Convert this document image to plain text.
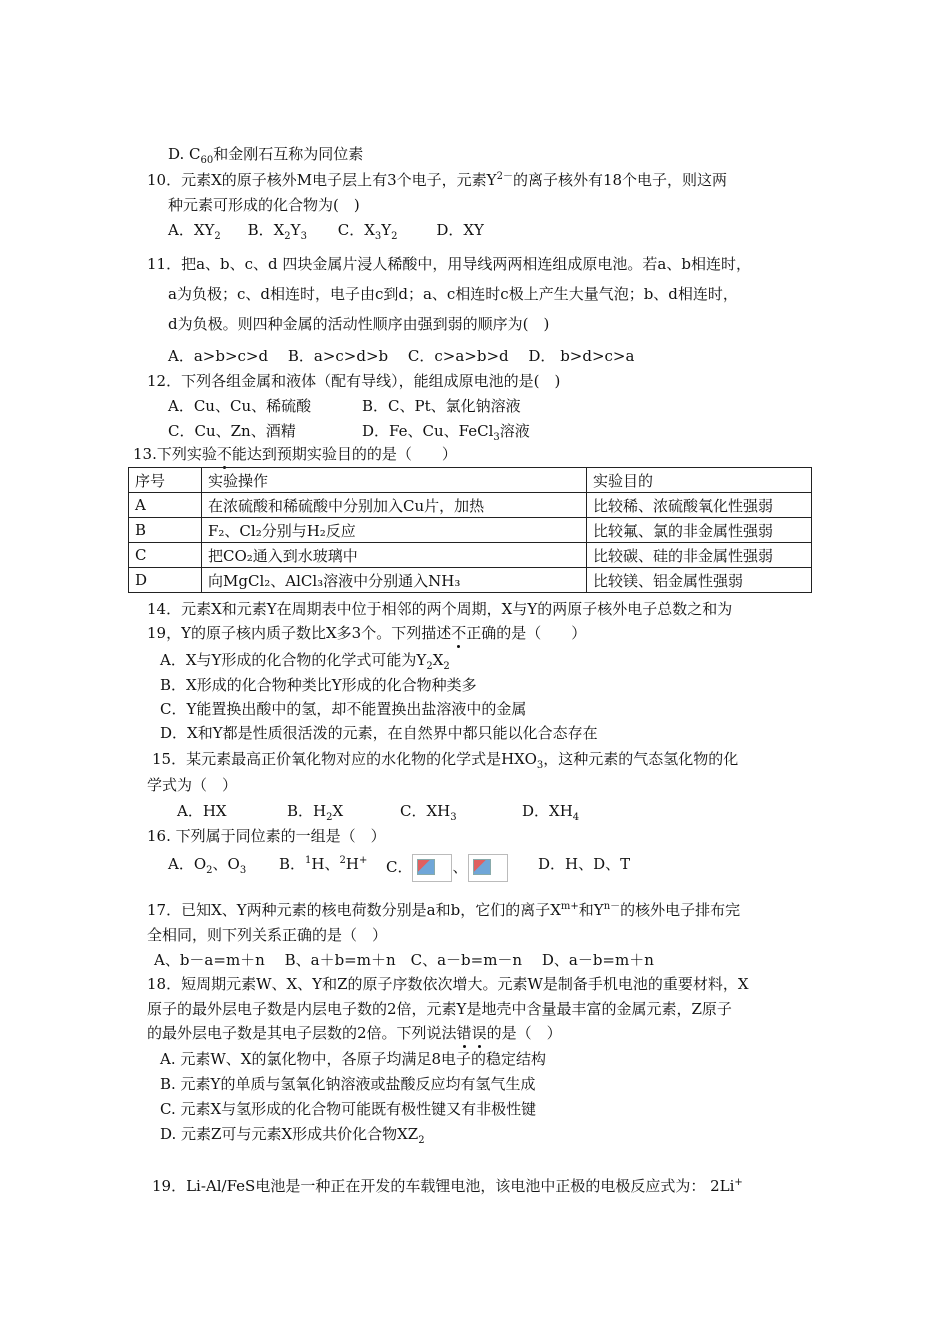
D. $C_{60}$和金刚石互称为同位素
10．元素X的原子核外M电子层上有3个电子，元素$Y^{2-}$的离子核外有18个电子，则这两
种元素可形成的化合物为(　)
A．$XY_2$ B．$X_2Y_3$ C．$X_3Y_2$	D．XY
11．把a、b、c、d 四块金属片浸人稀酸中，用导线两两相连组成原电池。若a、b相连时，
a为负极；c、d相连时，电子由c到d；a、c相连时c极上产生大量气泡；b、d相连时，
d为负极。则四种金属的活动性顺序由强到弱的顺序为(　)
A．a>b>c>d　 B．a>c>d>b　 C．c>a>b>d　 D． b>d>c>a
12．下列各组金属和液体（配有导线），能组成原电池的是(　)
A．Cu、Cu、稀硫酸	B．C、Pt、氯化钠溶液
C．Cu、Zn、酒精	D．Fe、Cu、FeCl$_3$溶液
13.下列实验不能达到预期实验目的的是（　　）
序号	实验操作	实验目的
A	在浓硫酸和稀硫酸中分别加入Cu片，加热	比较稀、浓硫酸氧化性强弱
B	F₂、Cl₂分别与H₂反应	比较氟、氯的非金属性强弱
C	把CO₂通入到水玻璃中	比较碳、硅的非金属性强弱
D	向MgCl₂、AlCl₃溶液中分别通入NH₃	比较镁、铝金属性强弱
14．元素X和元素Y在周期表中位于相邻的两个周期，X与Y的两原子核外电子总数之和为
19，Y的原子核内质子数比X多3个。下列描述不正确的是（　　）
A．X与Y形成的化合物的化学式可能为$Y_2X_2$
B．X形成的化合物种类比Y形成的化合物种类多
C．Y能置换出酸中的氢，却不能置换出盐溶液中的金属
D．X和Y都是性质很活泼的元素，在自然界中都只能以化合态存在
15．某元素最高正价氧化物对应的水化物的化学式是$HXO_3$，这种元素的气态氢化物的化
学式为（　）
A．HX	B．$H_2X$	C．$XH_3$	D．$XH_4$
16. 下列属于同位素的一组是（　）
A．$O_2$、$O_3$ B．$^1$H、$^2$H+ C．	、	D．H、D、T
17．已知X、Y两种元素的核电荷数分别是a和b，它们的离子$X^{m+}$和$Y^{n-}$的核外电子排布完
全相同，则下列关系正确的是（　）
A、b－a=m＋n　 B、a＋b=m＋n　C、a－b=m－n　 D、a－b=m＋n
18．短周期元素W、X、Y和Z的原子序数依次增大。元素W是制备手机电池的重要材料，X
原子的最外层电子数是内层电子数的2倍，元素Y是地壳中含量最丰富的金属元素，Z原子
的最外层电子数是其电子层数的2倍。下列说法错误的是（　）
A. 元素W、X的氯化物中，各原子均满足8电子的稳定结构
B. 元素Y的单质与氢氧化钠溶液或盐酸反应均有氢气生成
C. 元素X与氢形成的化合物可能既有极性键又有非极性键
D. 元素Z可与元素X形成共价化合物$XZ_2$
19．Li-Al/FeS电池是一种正在开发的车载锂电池，该电池中正极的电极反应式为： 2Li+
